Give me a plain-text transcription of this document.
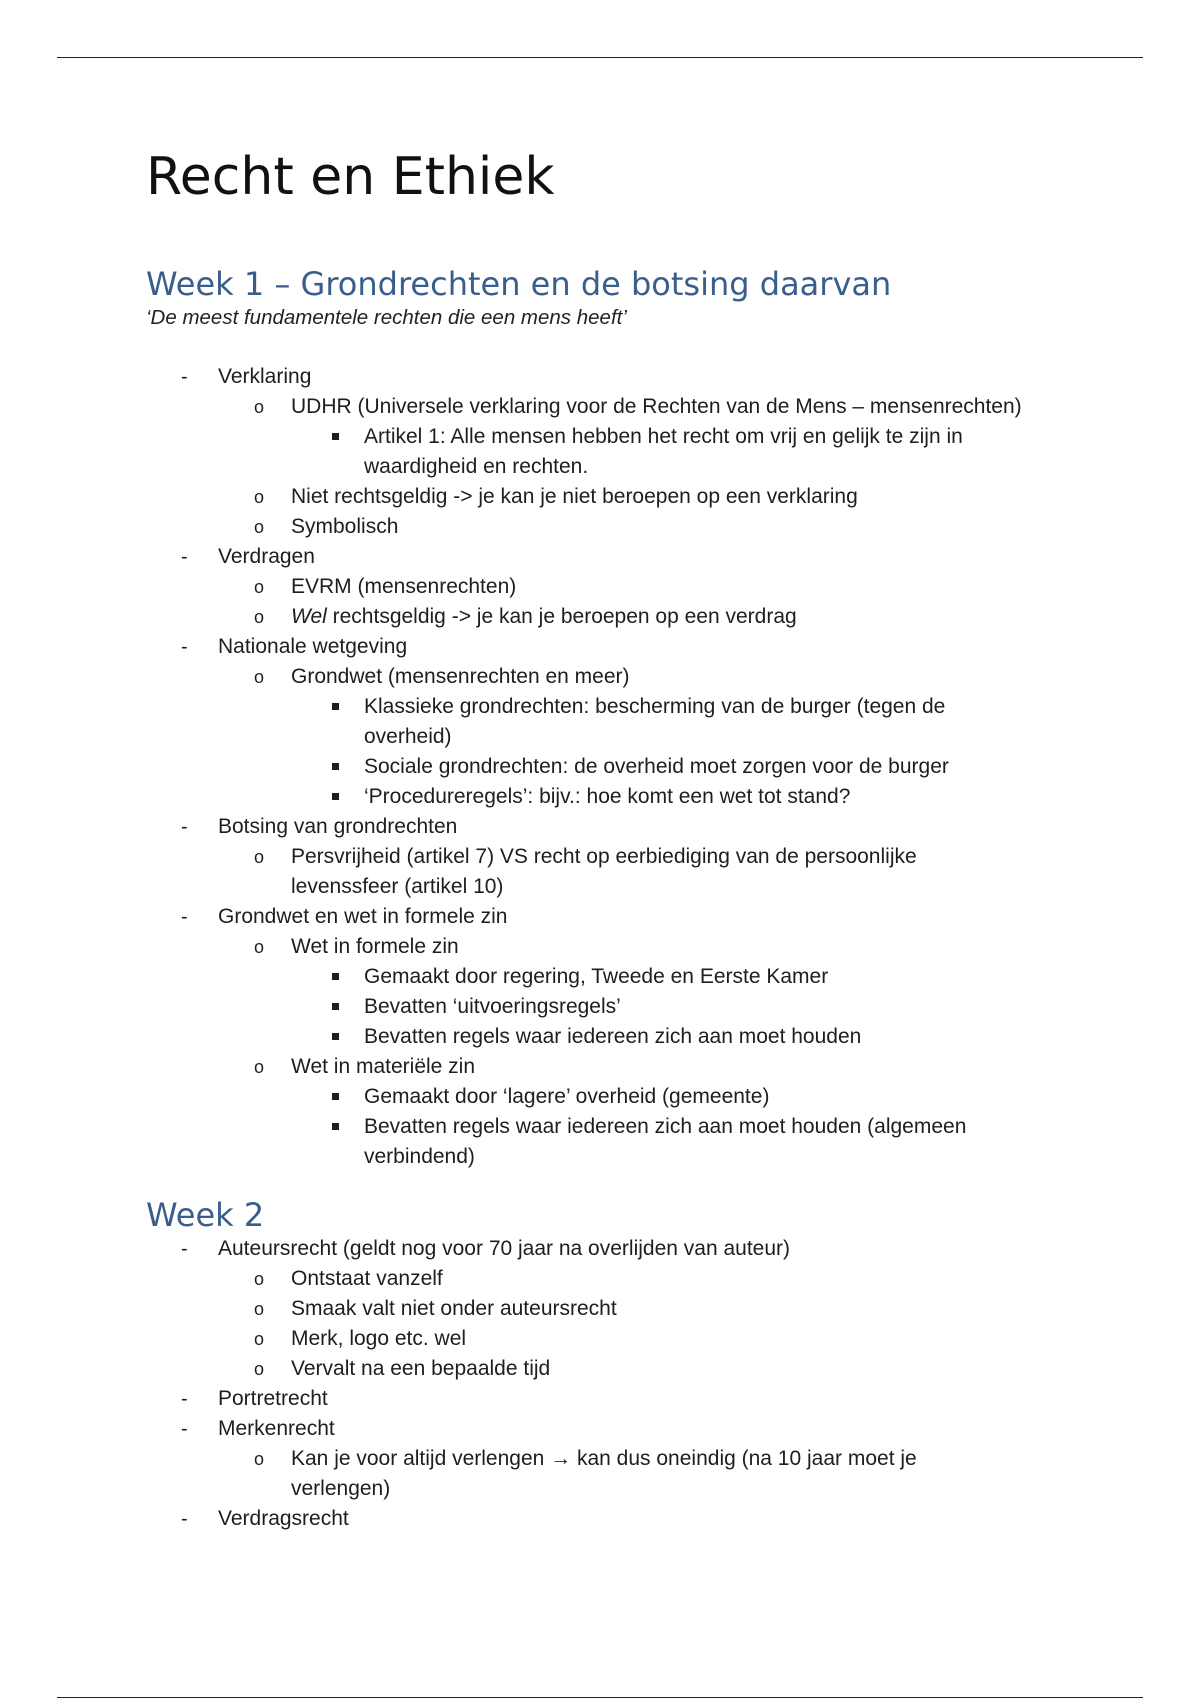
Recht en Ethiek
Week 1 – Grondrechten en de botsing daarvan

‘De meest fundamentele rechten die een mens heeft’

- Verklaring
o UDHR (Universele verklaring voor de Rechten van de Mens – mensenrechten)
Artikel 1: Alle mensen hebben het recht om vrij en gelijk te zijn in
waardigheid en rechten.
o Niet rechtsgeldig -> je kan je niet beroepen op een verklaring
o Symbolisch
- Verdragen
o EVRM (mensenrechten)
o Wel rechtsgeldig -> je kan je beroepen op een verdrag
- Nationale wetgeving
o Grondwet (mensenrechten en meer)
Klassieke grondrechten: bescherming van de burger (tegen de
overheid)
Sociale grondrechten: de overheid moet zorgen voor de burger
‘Procedureregels’: bijv.: hoe komt een wet tot stand?
- Botsing van grondrechten
o Persvrijheid (artikel 7) VS recht op eerbiediging van de persoonlijke
levenssfeer (artikel 10)
- Grondwet en wet in formele zin
o Wet in formele zin
Gemaakt door regering, Tweede en Eerste Kamer
Bevatten ‘uitvoeringsregels’
Bevatten regels waar iedereen zich aan moet houden
o Wet in materiële zin
Gemaakt door ‘lagere’ overheid (gemeente)
Bevatten regels waar iedereen zich aan moet houden (algemeen
verbindend)
Week 2
- Auteursrecht (geldt nog voor 70 jaar na overlijden van auteur)
o Ontstaat vanzelf
o Smaak valt niet onder auteursrecht
o Merk, logo etc. wel
o Vervalt na een bepaalde tijd
- Portretrecht
- Merkenrecht
o Kan je voor altijd verlengen → kan dus oneindig (na 10 jaar moet je
verlengen)
- Verdragsrecht
